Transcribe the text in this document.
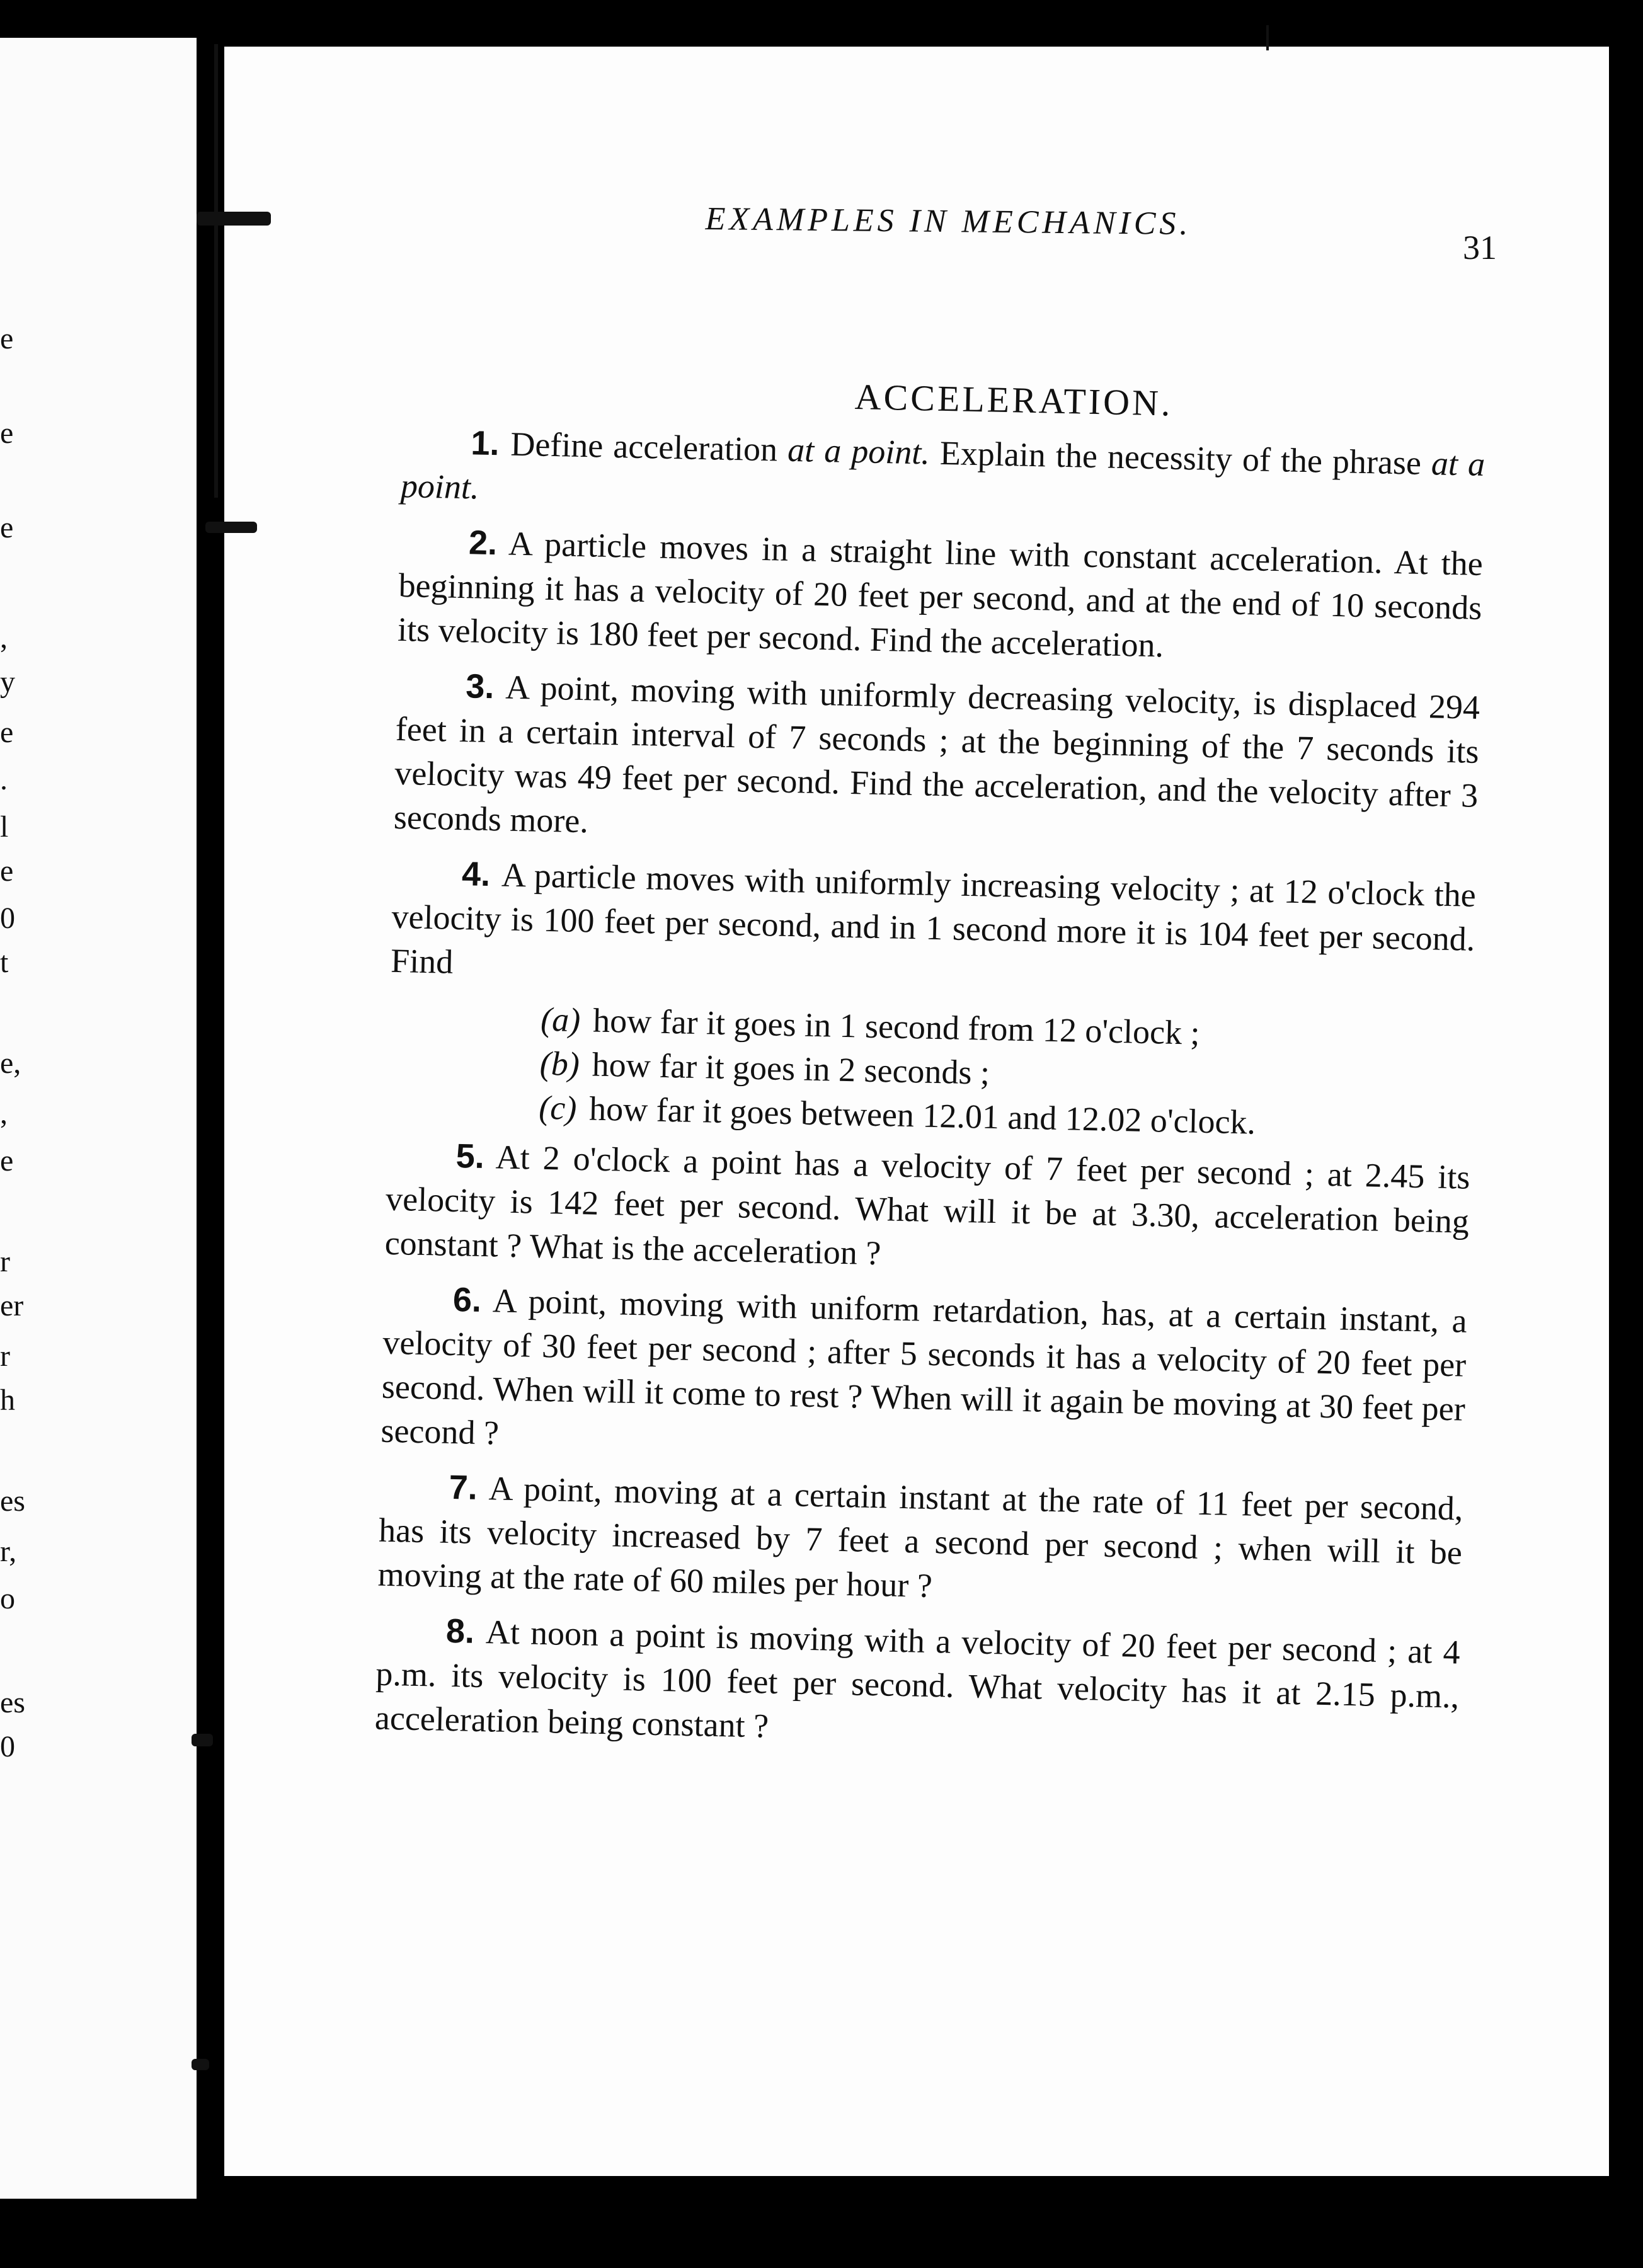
e
e
e
,
y
e
.
l
e
0
t
e,
,
e
r
er
r
h
es
r,
o
es
0
EXAMPLES IN MECHANICS.
31

ACCELERATION.

1. Define acceleration at a point. Explain the necessity of the phrase at a point.

2. A particle moves in a straight line with constant acceleration. At the beginning it has a velocity of 20 feet per second, and at the end of 10 seconds its velocity is 180 feet per second. Find the acceleration.

3. A point, moving with uniformly decreasing velocity, is displaced 294 feet in a certain interval of 7 seconds ; at the beginning of the 7 seconds its velocity was 49 feet per second. Find the acceleration, and the velocity after 3 seconds more.

4. A particle moves with uniformly increasing velocity ; at 12 o'clock the velocity is 100 feet per second, and in 1 second more it is 104 feet per second. Find

(a) how far it goes in 1 second from 12 o'clock ;
(b) how far it goes in 2 seconds ;
(c) how far it goes between 12.01 and 12.02 o'clock.

5. At 2 o'clock a point has a velocity of 7 feet per second ; at 2.45 its velocity is 142 feet per second. What will it be at 3.30, acceleration being constant ? What is the acceleration ?

6. A point, moving with uniform retardation, has, at a certain instant, a velocity of 30 feet per second ; after 5 seconds it has a velocity of 20 feet per second. When will it come to rest ? When will it again be moving at 30 feet per second ?

7. A point, moving at a certain instant at the rate of 11 feet per second, has its velocity increased by 7 feet a second per second ; when will it be moving at the rate of 60 miles per hour ?

8. At noon a point is moving with a velocity of 20 feet per second ; at 4 p.m. its velocity is 100 feet per second. What velocity has it at 2.15 p.m., acceleration being constant ?
